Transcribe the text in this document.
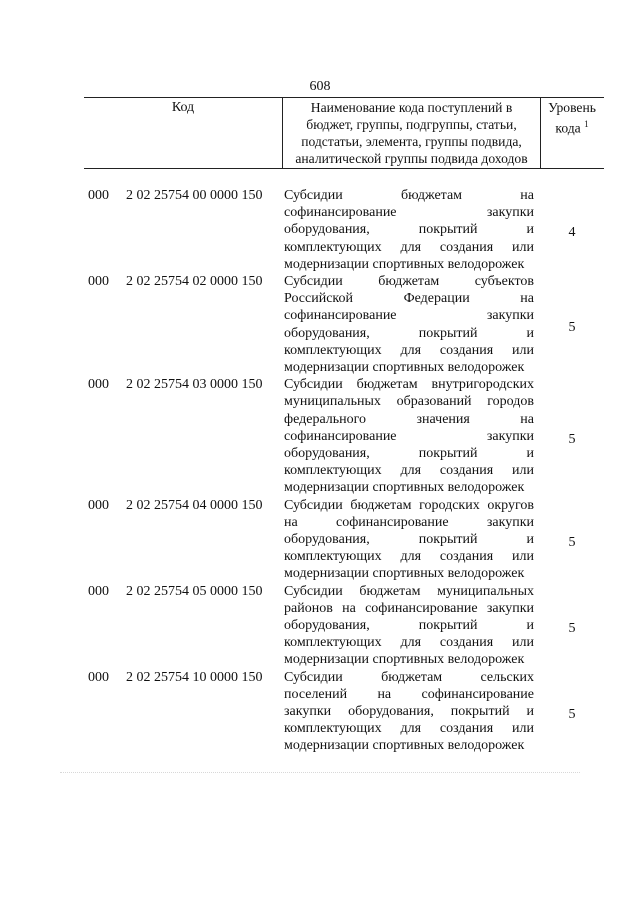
608
Код	Наименование кода поступлений в
бюджет, группы, подгруппы, статьи,
подстатьи, элемента, группы подвида,
аналитической группы подвида доходов
Уровень
кода $^1$
000 2 02 25754 00 0000 150 Субсидии бюджетам на
софинансирование закупки
оборудования, покрытий и
комплектующих для создания или
модернизации спортивных велодорожек
4
000 2 02 25754 02 0000 150 Субсидии бюджетам субъектов
Российской Федерации на
софинансирование закупки
оборудования, покрытий и
комплектующих для создания или
модернизации спортивных велодорожек
5
000 2 02 25754 03 0000 150 Субсидии бюджетам внутригородских
муниципальных образований городов
федерального значения на
софинансирование закупки
оборудования, покрытий и
комплектующих для создания или
модернизации спортивных велодорожек
5
000 2 02 25754 04 0000 150 Субсидии бюджетам городских округов
на софинансирование закупки
оборудования, покрытий и
комплектующих для создания или
модернизации спортивных велодорожек
5
000 2 02 25754 05 0000 150 Субсидии бюджетам муниципальных
районов на софинансирование закупки
оборудования, покрытий и
комплектующих для создания или
модернизации спортивных велодорожек
5
000 2 02 25754 10 0000 150 Субсидии бюджетам сельских
поселений на софинансирование
закупки оборудования, покрытий и
комплектующих для создания или
модернизации спортивных велодорожек
5
